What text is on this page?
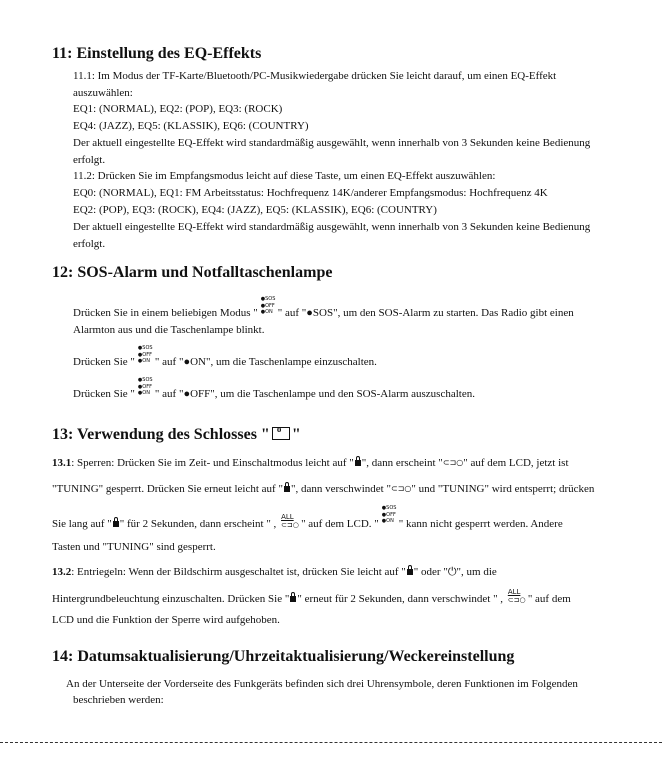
11: Einstellung des EQ-Effekts

11.1: Im Modus der TF-Karte/Bluetooth/PC-Musikwiedergabe drücken Sie leicht darauf, um einen EQ-Effekt

auszuwählen:

EQ1: (NORMAL), EQ2: (POP), EQ3: (ROCK)

EQ4: (JAZZ), EQ5: (KLASSIK), EQ6: (COUNTRY)

Der aktuell eingestellte EQ-Effekt wird standardmäßig ausgewählt, wenn innerhalb von 3 Sekunden keine Bedienung

erfolgt.

11.2: Drücken Sie im Empfangsmodus leicht auf diese Taste, um einen EQ-Effekt auszuwählen:

EQ0: (NORMAL), EQ1: FM Arbeitsstatus: Hochfrequenz 14K/anderer Empfangsmodus: Hochfrequenz 4K

EQ2: (POP), EQ3: (ROCK), EQ4: (JAZZ), EQ5: (KLASSIK), EQ6: (COUNTRY)

Der aktuell eingestellte EQ-Effekt wird standardmäßig ausgewählt, wenn innerhalb von 3 Sekunden keine Bedienung

erfolgt.

12: SOS-Alarm und Notfalltaschenlampe

Drücken Sie in einem beliebigen Modus "
●SOS
●OFF
●ON " auf "●SOS", um den SOS-Alarm zu starten. Das Radio gibt einen

Alarmton aus und die Taschenlampe blinkt.

Drücken Sie "
●SOS
●OFF
●ON " auf "●ON", um die Taschenlampe einzuschalten.

Drücken Sie "
●SOS
●OFF
●ON " auf "●OFF", um die Taschenlampe und den SOS-Alarm auszuschalten.

13: Verwendung des Schlosses "o "

13.1: Sperren: Drücken Sie im Zeit- und Einschaltmodus leicht auf " ", dann erscheint "⊂⊐○" auf dem LCD, jetzt ist

"TUNING" gesperrt. Drücken Sie erneut leicht auf " ", dann verschwindet "⊂⊐○" und "TUNING" wird entsperrt; drücken

Sie lang auf " " für 2 Sekunden, dann erscheint " ,
ALL
⊂⊐○ " auf dem LCD. "
●SOS
●OFF
●ON " kann nicht gesperrt werden. Andere

Tasten und "TUNING" sind gesperrt.

13.2: Entriegeln: Wenn der Bildschirm ausgeschaltet ist, drücken Sie leicht auf " " oder "⏻", um die

Hintergrundbeleuchtung einzuschalten. Drücken Sie " " erneut für 2 Sekunden, dann verschwindet " ,
ALL
⊂⊐○ " auf dem

LCD und die Funktion der Sperre wird aufgehoben.

14: Datumsaktualisierung/Uhrzeitaktualisierung/Weckereinstellung

An der Unterseite der Vorderseite des Funkgeräts befinden sich drei Uhrensymbole, deren Funktionen im Folgenden

beschrieben werden:
